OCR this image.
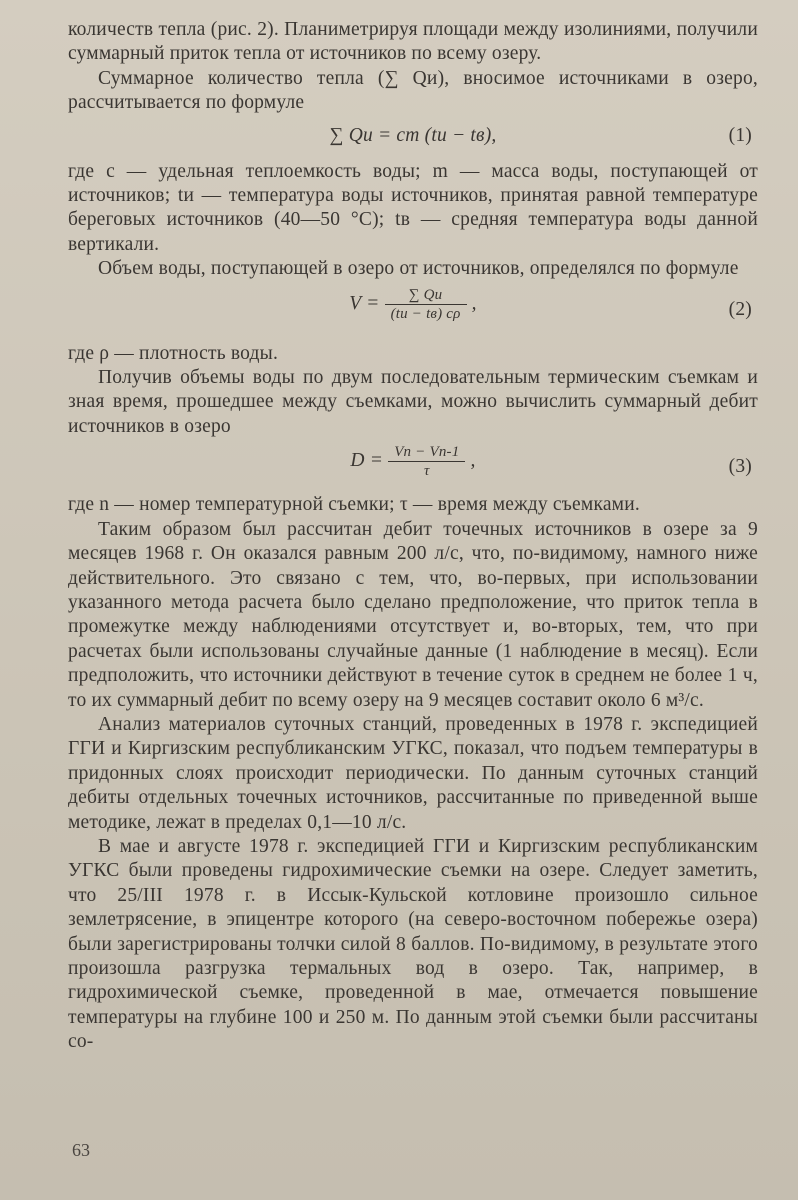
количеств тепла (рис. 2). Планиметрируя площади между изолиниями, получили суммарный приток тепла от источников по всему озеру.

Суммарное количество тепла (∑ Qи), вносимое источниками в озеро, рассчитывается по формуле

∑ Qи = cm (tи − tв),	(1)

где c — удельная теплоемкость воды; m — масса воды, поступающей от источников; tи — температура воды источников, принятая равной температуре береговых источников (40—50 °C); tв — средняя температура воды данной вертикали.

Объем воды, поступающей в озеро от источников, определялся по формуле

$V = \frac{\sum Qи}{(tи - tв) c\rho}$ ,	(2)

где ρ — плотность воды.

Получив объемы воды по двум последовательным термическим съемкам и зная время, прошедшее между съемками, можно вычислить суммарный дебит источников в озеро

$D = \frac{Vn - Vn-1}{\tau}$ ,	(3)

где n — номер температурной съемки; τ — время между съемками.

Таким образом был рассчитан дебит точечных источников в озере за 9 месяцев 1968 г. Он оказался равным 200 л/с, что, по-видимому, намного ниже действительного. Это связано с тем, что, во-первых, при использовании указанного метода расчета было сделано предположение, что приток тепла в промежутке между наблюдениями отсутствует и, во-вторых, тем, что при расчетах были использованы случайные данные (1 наблюдение в месяц). Если предположить, что источники действуют в течение суток в среднем не более 1 ч, то их суммарный дебит по всему озеру на 9 месяцев составит около 6 м³/с.

Анализ материалов суточных станций, проведенных в 1978 г. экспедицией ГГИ и Киргизским республиканским УГКС, показал, что подъем температуры в придонных слоях происходит периодически. По данным суточных станций дебиты отдельных точечных источников, рассчитанные по приведенной выше методике, лежат в пределах 0,1—10 л/с.

В мае и августе 1978 г. экспедицией ГГИ и Киргизским республиканским УГКС были проведены гидрохимические съемки на озере. Следует заметить, что 25/III 1978 г. в Иссык-Кульской котловине произошло сильное землетрясение, в эпицентре которого (на северо-восточном побережье озера) были зарегистрированы толчки силой 8 баллов. По-видимому, в результате этого произошла разгрузка термальных вод в озеро. Так, например, в гидрохимической съемке, проведенной в мае, отмечается повышение температуры на глубине 100 и 250 м. По данным этой съемки были рассчитаны со-

63
